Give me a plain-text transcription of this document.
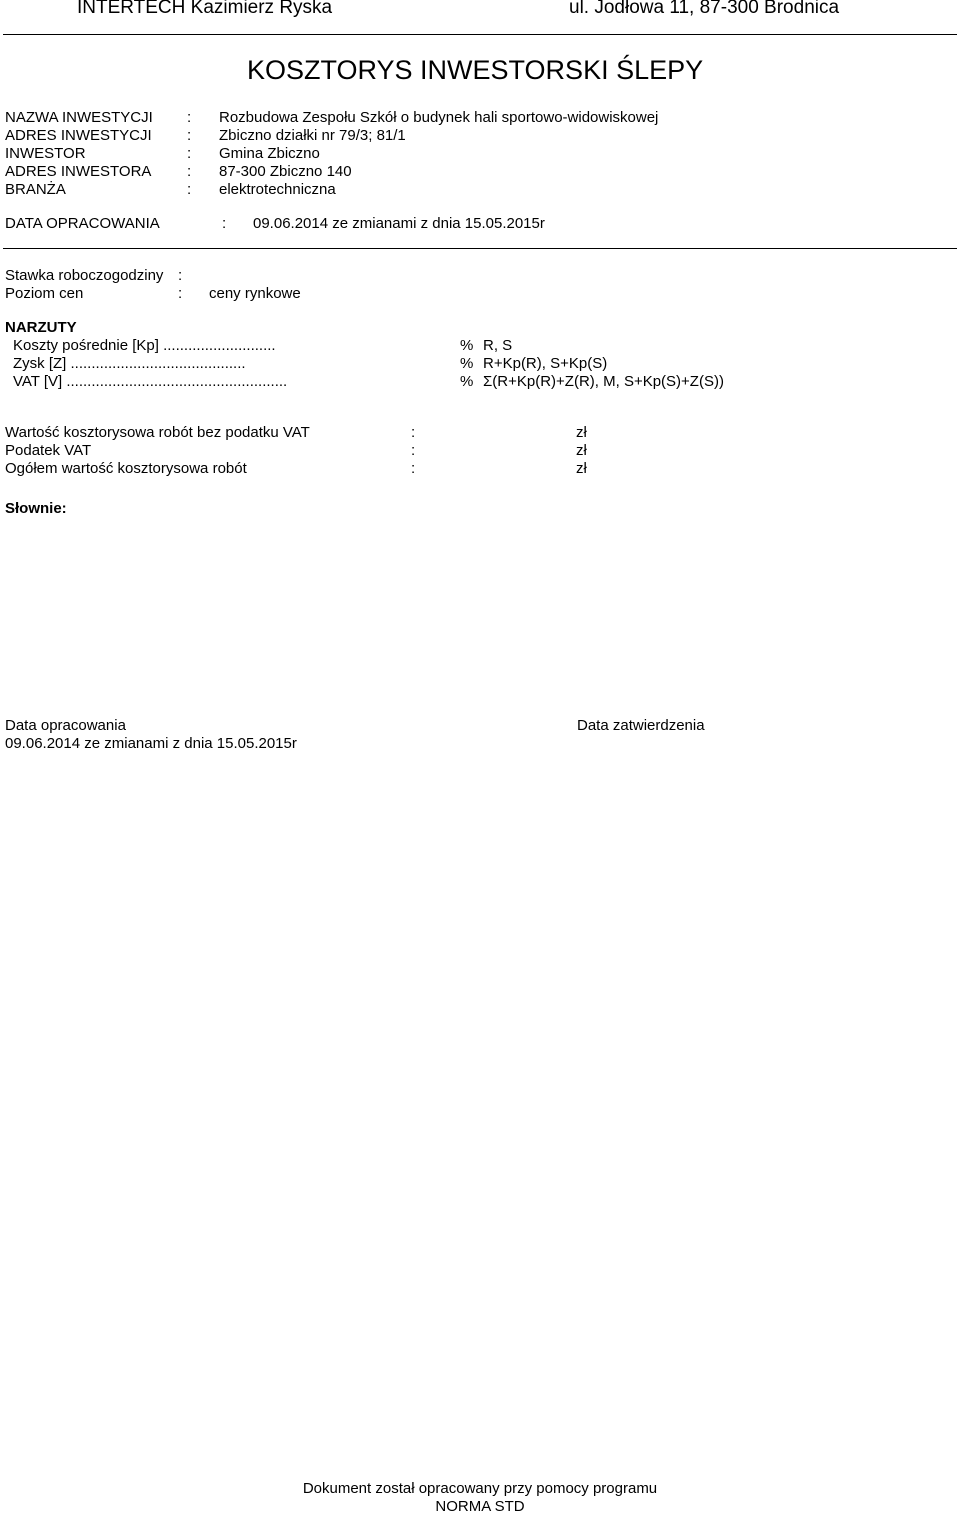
INTERTECH Kazimierz Ryska	ul. Jodłowa 11, 87-300 Brodnica
KOSZTORYS INWESTORSKI ŚLEPY
NAZWA INWESTYCJI : Rozbudowa Zespołu Szkół o budynek hali sportowo-widowiskowej
ADRES INWESTYCJI : Zbiczno działki nr 79/3; 81/1
INWESTOR	: Gmina Zbiczno
ADRES INWESTORA : 87-300 Zbiczno 140
BRANŻA	: elektrotechniczna
DATA OPRACOWANIA	: 09.06.2014 ze zmianami z dnia 15.05.2015r
Stawka roboczogodziny :
Poziom cen	: ceny rynkowe
NARZUTY
Koszty pośrednie [Kp] ...........................	% R, S
Zysk [Z] ..........................................	% R+Kp(R), S+Kp(S)
VAT [V] .....................................................	% Σ(R+Kp(R)+Z(R), M, S+Kp(S)+Z(S))
Wartość kosztorysowa robót bez podatku VAT	:	zł
Podatek VAT	:	zł
Ogółem wartość kosztorysowa robót	:	zł
Słownie:
Data opracowania
09.06.2014 ze zmianami z dnia 15.05.2015r
Data zatwierdzenia
Dokument został opracowany przy pomocy programu
NORMA STD
